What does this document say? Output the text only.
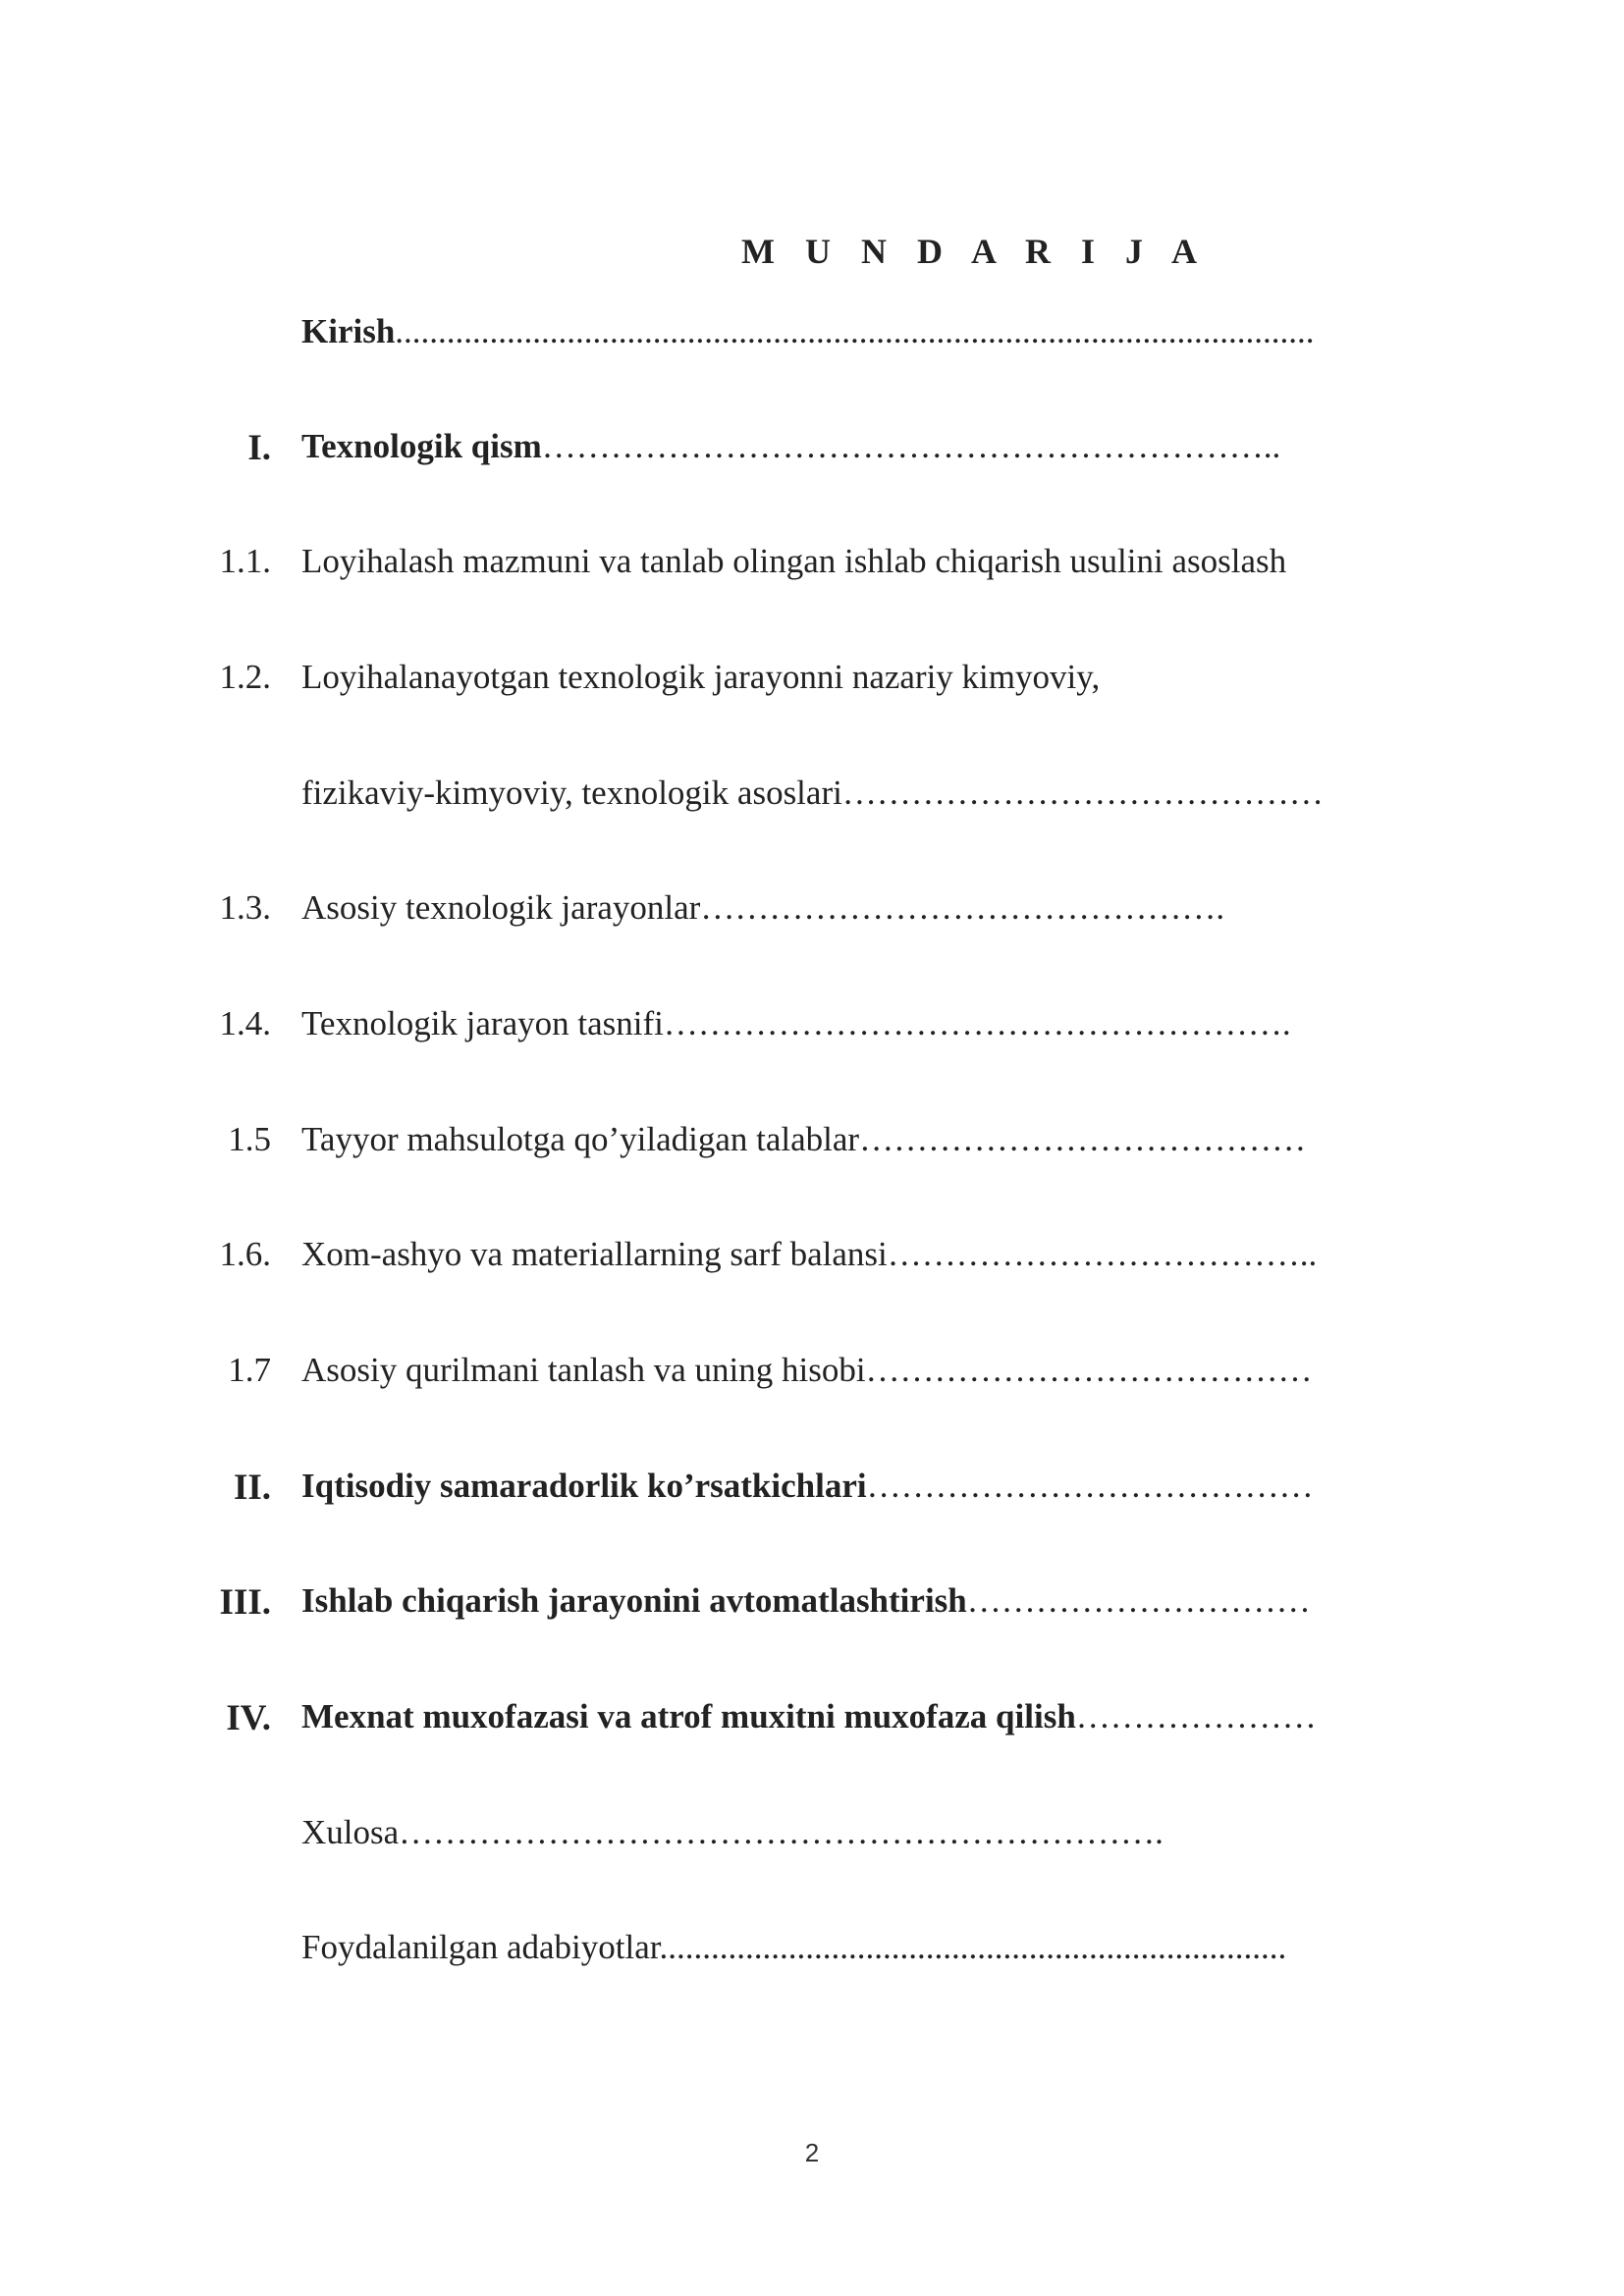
M U N D A R I J A
Kirish...........................................................................................................
I. Texnologik qism………………………………………………………..
1.1. Loyihalash mazmuni va tanlab olingan ishlab chiqarish usulini asoslash
1.2. Loyihalanayotgan texnologik jarayonni nazariy kimyoviy,
fizikaviy-kimyoviy, texnologik asoslari……………………………………
1.3. Asosiy texnologik jarayonlar……………………………………….
1.4. Texnologik jarayon tasnifi……………………………………………….
1.5 Tayyor mahsulotga qo’yiladigan talablar…………………………………
1.6. Xom-ashyo va materiallarning sarf balansi………………………………..
1.7 Asosiy qurilmani tanlash va uning hisobi…………………………………
II. Iqtisodiy samaradorlik ko’rsatkichlari…………………………………
III. Ishlab chiqarish jarayonini avtomatlashtirish…………………………
IV. Mexnat muxofazasi va atrof muxitni muxofaza qilish…………………
Xulosa………………………………………………………….
Foydalanilgan adabiyotlar.........................................................................
2
